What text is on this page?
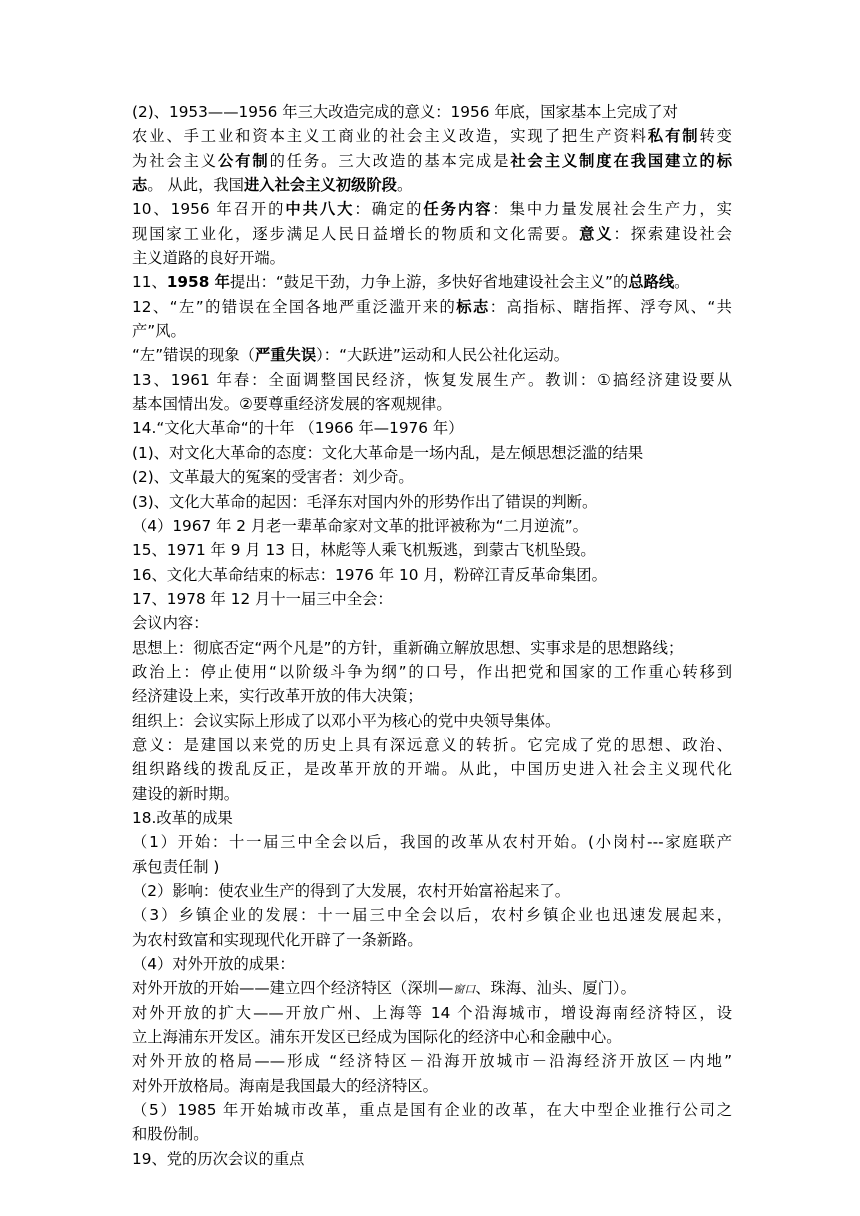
(2)、1953——1956 年三大改造完成的意义：1956 年底，国家基本上完成了对
农业、手工业和资本主义工商业的社会主义改造，实现了把生产资料私有制转变
为社会主义公有制的任务。三大改造的基本完成是社会主义制度在我国建立的标
志。 从此，我国进入社会主义初级阶段。
10、1956 年召开的中共八大：确定的任务内容：集中力量发展社会生产力，实
现国家工业化，逐步满足人民日益增长的物质和文化需要。意义：探索建设社会
主义道路的良好开端。
11、1958 年提出：“鼓足干劲，力争上游，多快好省地建设社会主义”的总路线。
12、“左”的错误在全国各地严重泛滥开来的标志：高指标、瞎指挥、浮夸风、“共
产”风。
“左”错误的现象（严重失误）：“大跃进”运动和人民公社化运动。
13、1961 年春：全面调整国民经济，恢复发展生产。教训：①搞经济建设要从
基本国情出发。②要尊重经济发展的客观规律。
14.“文化大革命“的十年 （1966 年—1976 年）
(1)、对文化大革命的态度：文化大革命是一场内乱，是左倾思想泛滥的结果
(2)、文革最大的冤案的受害者：刘少奇。
(3)、文化大革命的起因：毛泽东对国内外的形势作出了错误的判断。
（4）1967 年 2 月老一辈革命家对文革的批评被称为“二月逆流”。
15、1971 年 9 月 13 日，林彪等人乘飞机叛逃，到蒙古飞机坠毁。
16、文化大革命结束的标志：1976 年 10 月，粉碎江青反革命集团。
17、1978 年 12 月十一届三中全会：
会议内容：
思想上：彻底否定“两个凡是”的方针，重新确立解放思想、实事求是的思想路线；
政治上：停止使用“以阶级斗争为纲”的口号，作出把党和国家的工作重心转移到
经济建设上来，实行改革开放的伟大决策；
组织上：会议实际上形成了以邓小平为核心的党中央领导集体。
意义：是建国以来党的历史上具有深远意义的转折。它完成了党的思想、政治、
组织路线的拨乱反正，是改革开放的开端。从此，中国历史进入社会主义现代化
建设的新时期。
18.改革的成果
（1）开始：十一届三中全会以后，我国的改革从农村开始。(小岗村---家庭联产
承包责任制 )
（2）影响：使农业生产的得到了大发展，农村开始富裕起来了。
（3）乡镇企业的发展：十一届三中全会以后，农村乡镇企业也迅速发展起来，
为农村致富和实现现代化开辟了一条新路。
（4）对外开放的成果：
对外开放的开始——建立四个经济特区（深圳—窗口、珠海、汕头、厦门）。
对外开放的扩大——开放广州、上海等 14 个沿海城市，增设海南经济特区，设
立上海浦东开发区。浦东开发区已经成为国际化的经济中心和金融中心。
对外开放的格局——形成 “经济特区－沿海开放城市－沿海经济开放区－内地”
对外开放格局。海南是我国最大的经济特区。
（5）1985 年开始城市改革，重点是国有企业的改革，在大中型企业推行公司之
和股份制。
19、党的历次会议的重点
